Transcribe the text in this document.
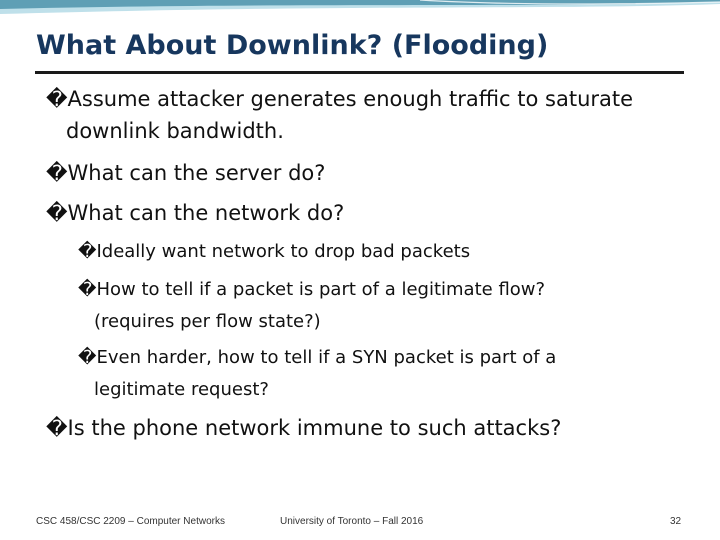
What About Downlink? (Flooding)
�Assume attacker generates enough traffic to saturate
downlink bandwidth.
�What can the server do?
�What can the network do?
�Ideally want network to drop bad packets
�How to tell if a packet is part of a legitimate flow?
(requires per flow state?)
�Even harder, how to tell if a SYN packet is part of a
legitimate request?
�Is the phone network immune to such attacks?
CSC 458/CSC 2209 – Computer Networks	University of Toronto – Fall 2016	32
